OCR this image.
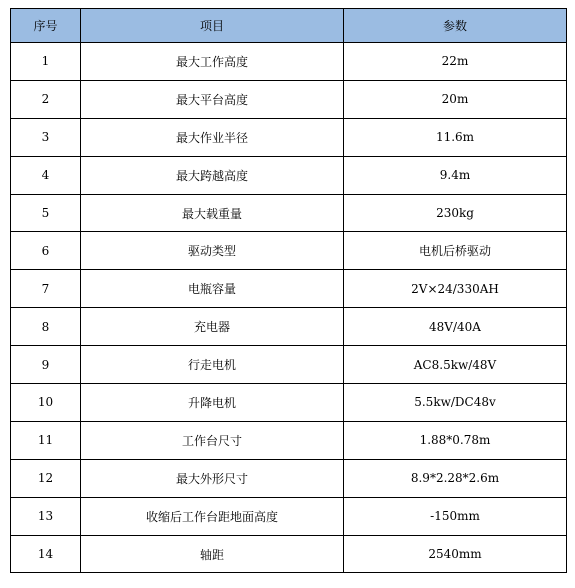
序号	项目	参数
1	最大工作高度	22m
2	最大平台高度	20m
3	最大作业半径	11.6m
4	最大跨越高度	9.4m
5	最大载重量	230kg
6	驱动类型	电机后桥驱动
7	电瓶容量	2V×24/330AH
8	充电器	48V/40A
9	行走电机	AC8.5kw/48V
10	升降电机	5.5kw/DC48v
11	工作台尺寸	1.88*0.78m
12	最大外形尺寸	8.9*2.28*2.6m
13	收缩后工作台距地面高度	-150mm
14	轴距	2540mm
